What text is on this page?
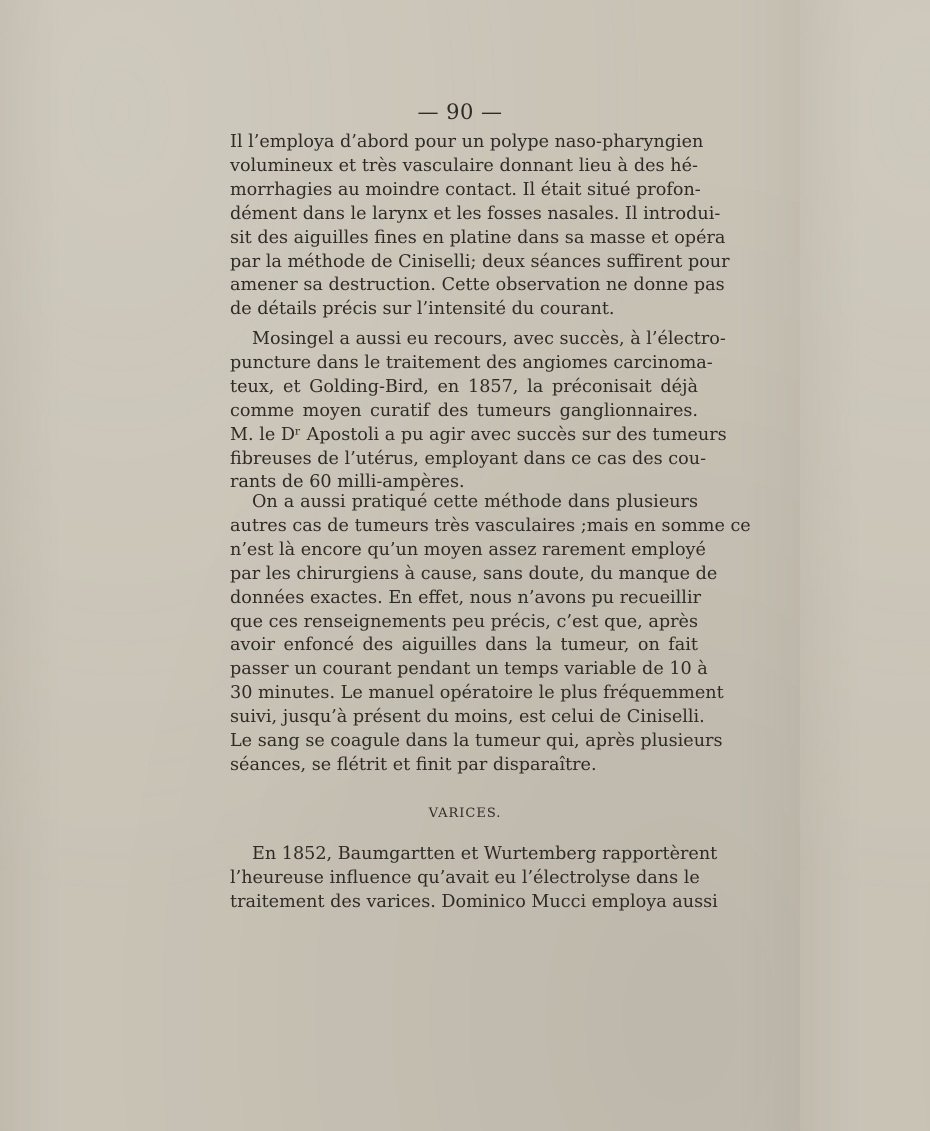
— 90 —
Il l’employa d’abord pour un polype naso-pharyngien
volumineux et très vasculaire donnant lieu à des hé-
morrhagies au moindre contact. Il était situé profon-
dément dans le larynx et les fosses nasales. Il introdui-
sit des aiguilles fines en platine dans sa masse et opéra
par la méthode de Ciniselli; deux séances suffirent pour
amener sa destruction. Cette observation ne donne pas
de détails précis sur l’intensité du courant.
Mosingel a aussi eu recours, avec succès, à l’électro-
puncture dans le traitement des angiomes carcinoma-
teux, et Golding-Bird, en 1857, la préconisait déjà
comme moyen curatif des tumeurs ganglionnaires.
M. le Dʳ Apostoli a pu agir avec succès sur des tumeurs
fibreuses de l’utérus, employant dans ce cas des cou-
rants de 60 milli-ampères.
On a aussi pratiqué cette méthode dans plusieurs
autres cas de tumeurs très vasculaires ;mais en somme ce
n’est là encore qu’un moyen assez rarement employé
par les chirurgiens à cause, sans doute, du manque de
données exactes. En effet, nous n’avons pu recueillir
que ces renseignements peu précis, c’est que, après
avoir enfoncé des aiguilles dans la tumeur, on fait
passer un courant pendant un temps variable de 10 à
30 minutes. Le manuel opératoire le plus fréquemment
suivi, jusqu’à présent du moins, est celui de Ciniselli.
Le sang se coagule dans la tumeur qui, après plusieurs
séances, se flétrit et finit par disparaître.
VARICES.
En 1852, Baumgartten et Wurtemberg rapportèrent
l’heureuse influence qu’avait eu l’électrolyse dans le
traitement des varices. Dominico Mucci employa aussi
